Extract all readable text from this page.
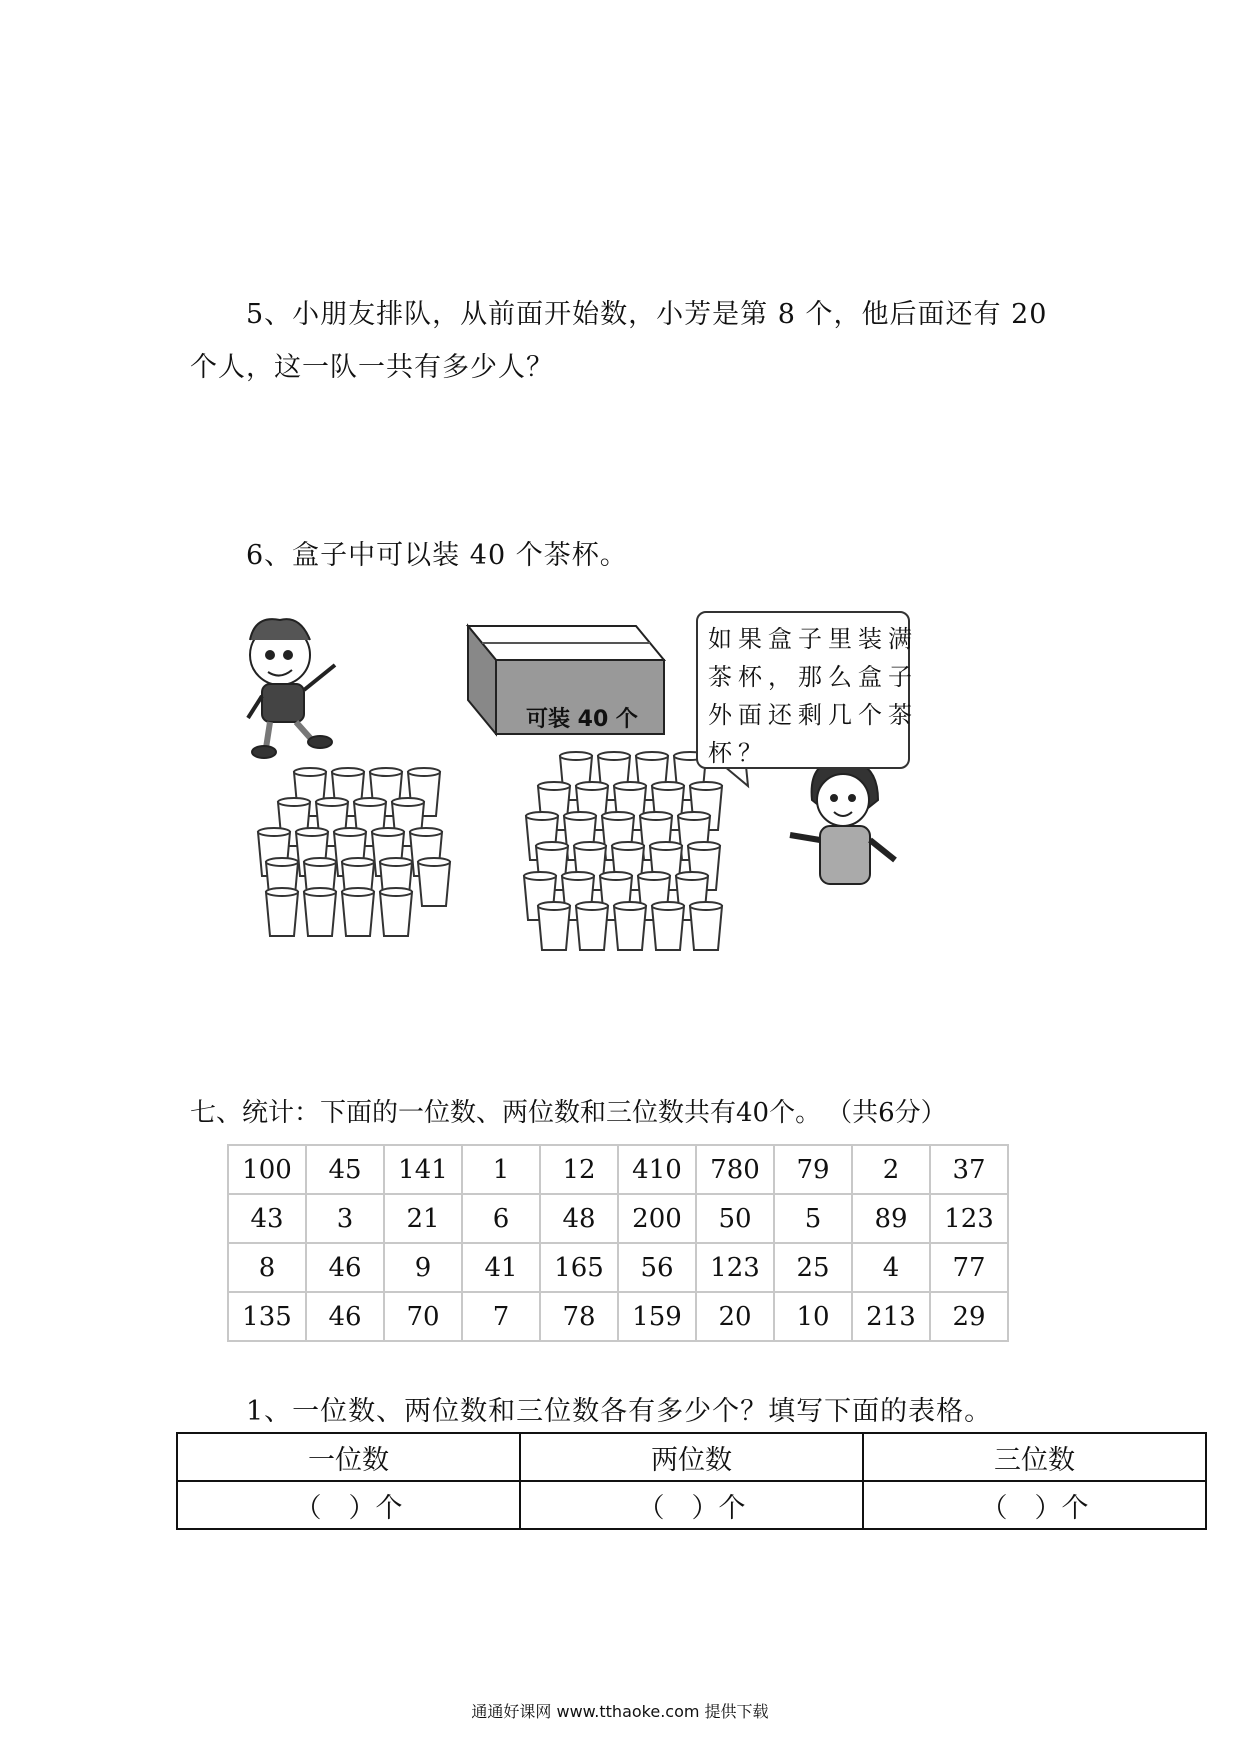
5、小朋友排队，从前面开始数，小芳是第 8 个，他后面还有 20
个人，这一队一共有多少人？
6、盒子中可以装 40 个茶杯。
如果盒子里装满
茶杯，那么盒子
外面还剩几个茶
杯？
可装 40 个
七、统计：下面的一位数、两位数和三位数共有40个。 （共6分）
100	45	141	1	12	410	780	79	2	37
43	3	21	6	48	200	50	5	89	123
8	46	9	41	165	56	123	25	4	77
135	46	70	7	78	159	20	10	213	29
1、一位数、两位数和三位数各有多少个？填写下面的表格。
一位数	两位数	三位数
（　）个	（　）个	（　）个
通通好课网 www.tthaoke.com 提供下载
